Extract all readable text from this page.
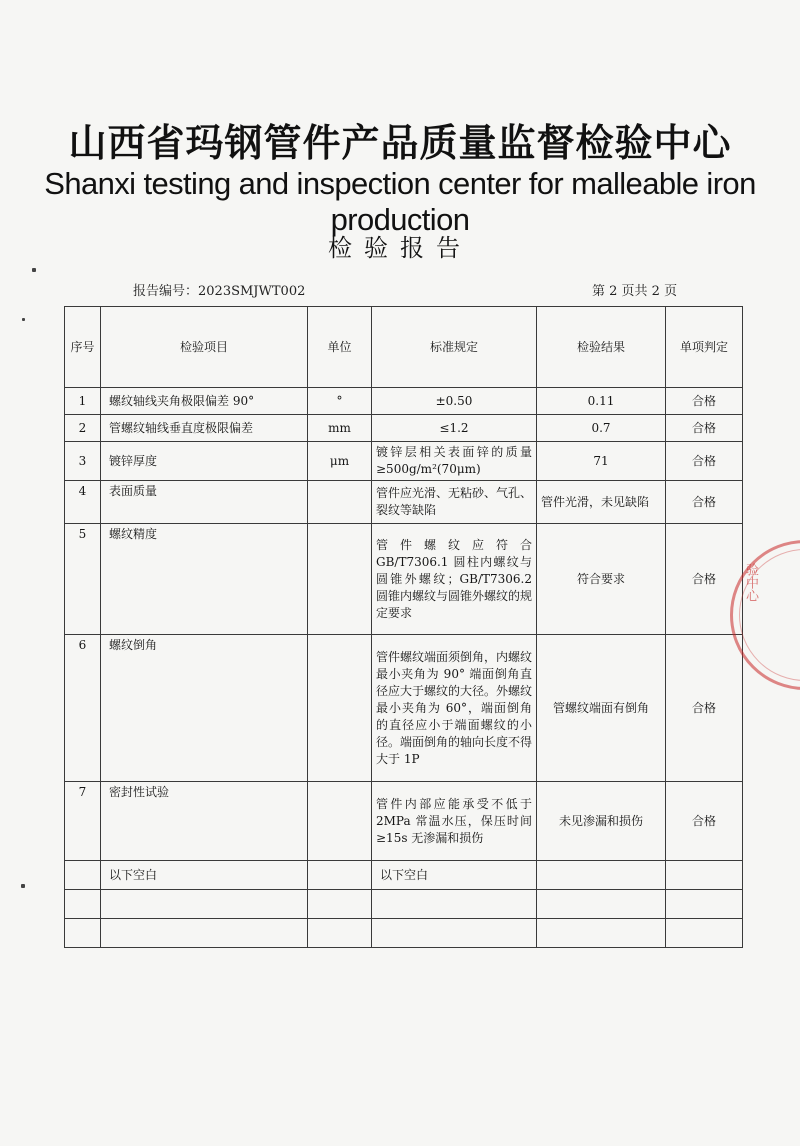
山西省玛钢管件产品质量监督检验中心
Shanxi testing and inspection center for malleable iron production
检验报告
报告编号：2023SMJWT002	第 2 页共 2 页
序号	检验项目	单位	标准规定	检验结果	单项判定
1	螺纹轴线夹角极限偏差 90°	°	±0.50	0.11	合格
2	管螺纹轴线垂直度极限偏差	mm	≤1.2	0.7	合格
3	镀锌厚度	μm	镀锌层相关表面锌的质量≥500g/m²(70μm)	71	合格
4	表面质量		管件应光滑、无粘砂、气孔、裂纹等缺陷	管件光滑，未见缺陷	合格
5	螺纹精度		管件螺纹应符合 GB/T7306.1 圆柱内螺纹与圆锥外螺纹；GB/T7306.2 圆锥内螺纹与圆锥外螺纹的规定要求	符合要求	合格
6	螺纹倒角		管件螺纹端面须倒角，内螺纹最小夹角为 90° 端面倒角直径应大于螺纹的大径。外螺纹最小夹角为 60°，端面倒角的直径应小于端面螺纹的小径。端面倒角的轴向长度不得大于 1P	管螺纹端面有倒角	合格
7	密封性试验		管件内部应能承受不低于 2MPa 常温水压，保压时间≥15s 无渗漏和损伤	未见渗漏和损伤	合格
	以下空白		以下空白		

验中心
